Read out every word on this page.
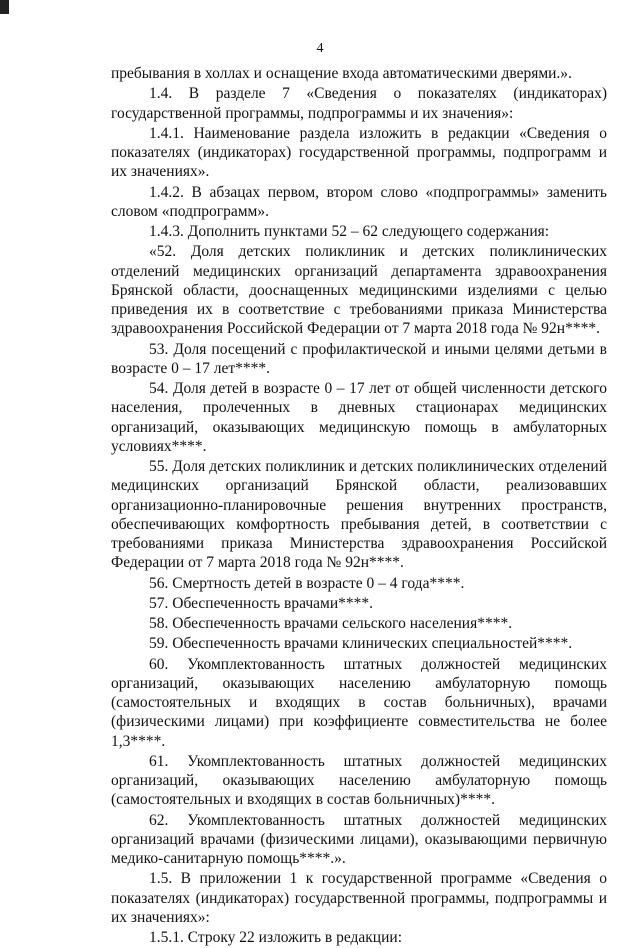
4

пребывания в холлах и оснащение входа автоматическими дверями.».

1.4. В разделе 7 «Сведения о показателях (индикаторах) государственной программы, подпрограммы и их значения»:

1.4.1. Наименование раздела изложить в редакции «Сведения о показателях (индикаторах) государственной программы, подпрограмм и их значениях».

1.4.2. В абзацах первом, втором слово «подпрограммы» заменить словом «подпрограмм».

1.4.3. Дополнить пунктами 52 – 62 следующего содержания:

«52. Доля детских поликлиник и детских поликлинических отделений медицинских организаций департамента здравоохранения Брянской области, дооснащенных медицинскими изделиями с целью приведения их в соответствие с требованиями приказа Министерства здравоохранения Российской Федерации от 7 марта 2018 года № 92н****.

53. Доля посещений с профилактической и иными целями детьми в возрасте 0 – 17 лет****.

54. Доля детей в возрасте 0 – 17 лет от общей численности детского населения, пролеченных в дневных стационарах медицинских организаций, оказывающих медицинскую помощь в амбулаторных условиях****.

55. Доля детских поликлиник и детских поликлинических отделений медицинских организаций Брянской области, реализовавших организационно-планировочные решения внутренних пространств, обеспечивающих комфортность пребывания детей, в соответствии с требованиями приказа Министерства здравоохранения Российской Федерации от 7 марта 2018 года № 92н****.

56. Смертность детей в возрасте 0 – 4 года****.

57. Обеспеченность врачами****.

58. Обеспеченность врачами сельского населения****.

59. Обеспеченность врачами клинических специальностей****.

60. Укомплектованность штатных должностей медицинских организаций, оказывающих населению амбулаторную помощь (самостоятельных и входящих в состав больничных), врачами (физическими лицами) при коэффициенте совместительства не более 1,3****.

61. Укомплектованность штатных должностей медицинских организаций, оказывающих населению амбулаторную помощь (самостоятельных и входящих в состав больничных)****.

62. Укомплектованность штатных должностей медицинских организаций врачами (физическими лицами), оказывающими первичную медико-санитарную помощь****.».

1.5. В приложении 1 к государственной программе «Сведения о показателях (индикаторах) государственной программы, подпрограммы и их значениях»:

1.5.1. Строку 22 изложить в редакции:
